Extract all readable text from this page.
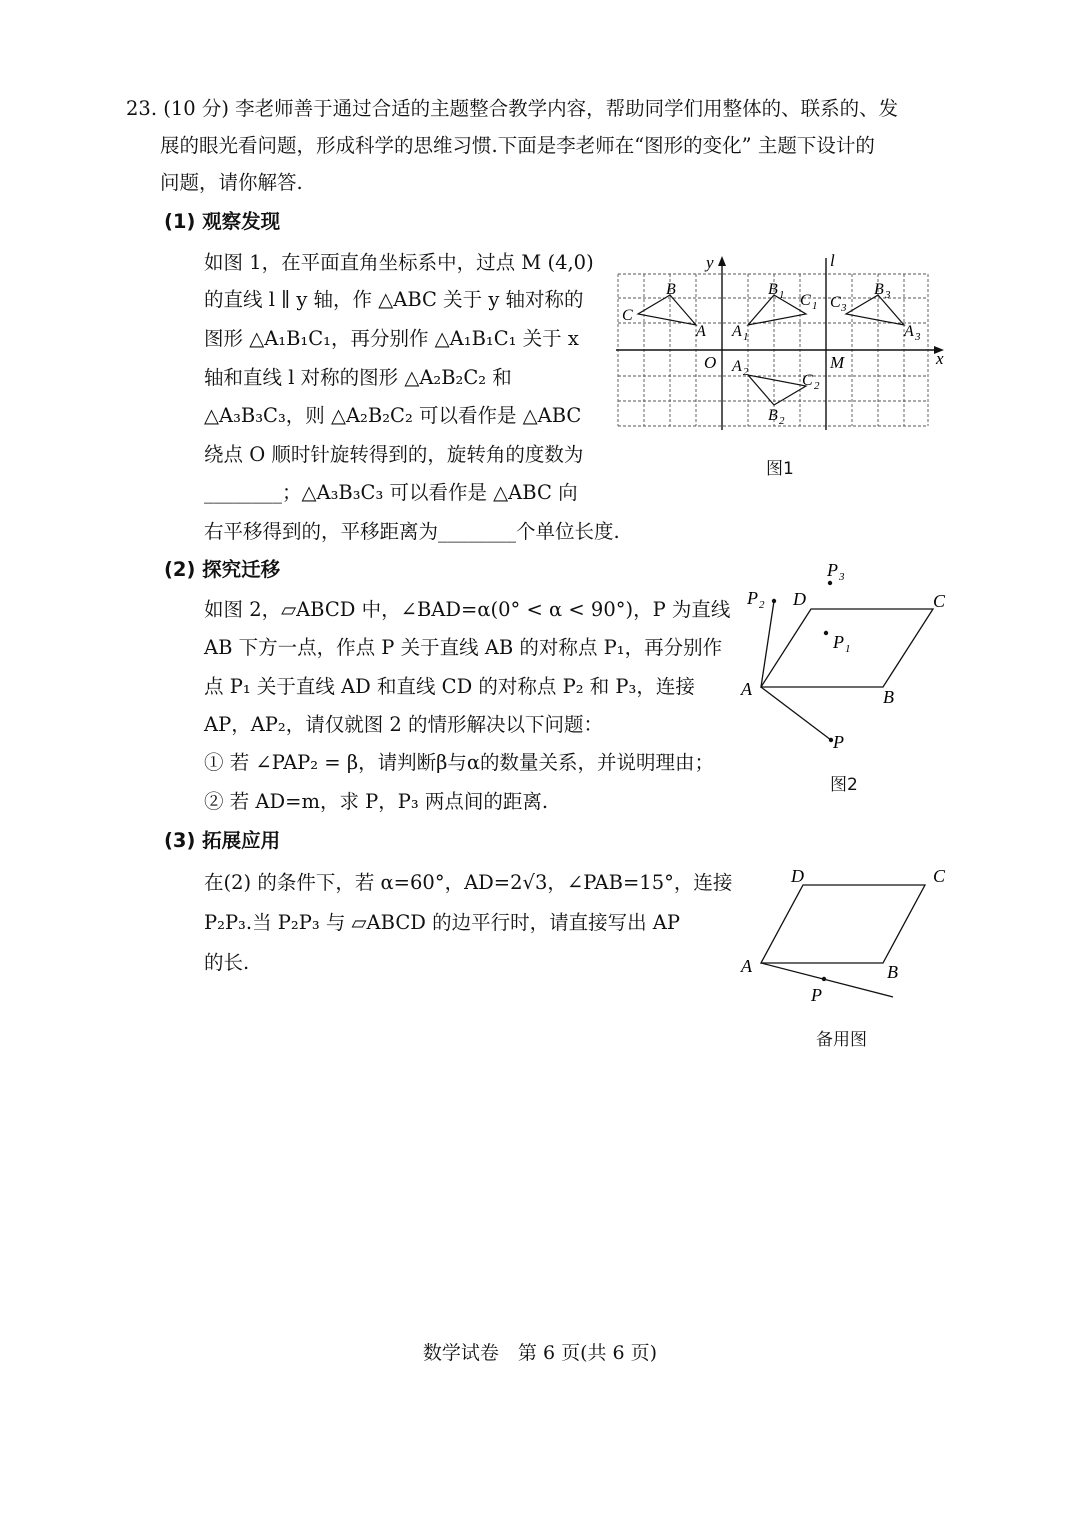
23. (10 分) 李老师善于通过合适的主题整合教学内容，帮助同学们用整体的、联系的、发
展的眼光看问题，形成科学的思维习惯.下面是李老师在“图形的变化” 主题下设计的
问题，请你解答.
(1) 观察发现
如图 1，在平面直角坐标系中，过点 M (4,0)
的直线 l ∥ y 轴，作 △ABC 关于 y 轴对称的
图形 △A₁B₁C₁，再分别作 △A₁B₁C₁ 关于 x
轴和直线 l 对称的图形 △A₂B₂C₂ 和
△A₃B₃C₃，则 △A₂B₂C₂ 可以看作是 △ABC
绕点 O 顺时针旋转得到的，旋转角的度数为
________；△A₃B₃C₃ 可以看作是 △ABC 向
右平移得到的，平移距离为________个单位长度.
y
x
l
O	M
B
C
A
B 1 C 1
A 1
A 2	C 2
B 2
B 3
C 3
A 3
图1
(2) 探究迁移
如图 2，▱ABCD 中，∠BAD=α(0° < α < 90°)，P 为直线
AB 下方一点，作点 P 关于直线 AB 的对称点 P₁，再分别作
点 P₁ 关于直线 AD 和直线 CD 的对称点 P₂ 和 P₃，连接
AP，AP₂，请仅就图 2 的情形解决以下问题：
① 若 ∠PAP₂ = β，请判断β与α的数量关系，并说明理由；
② 若 AD=m，求 P，P₃ 两点间的距离.
A	B
C
D
P
P 1
P 2
P 3
图2
(3) 拓展应用
在(2) 的条件下，若 α=60°，AD=2√3，∠PAB=15°，连接
P₂P₃.当 P₂P₃ 与 ▱ABCD 的边平行时，请直接写出 AP
的长.	A	B
C
D
P
备用图
数学试卷　第 6 页(共 6 页)
